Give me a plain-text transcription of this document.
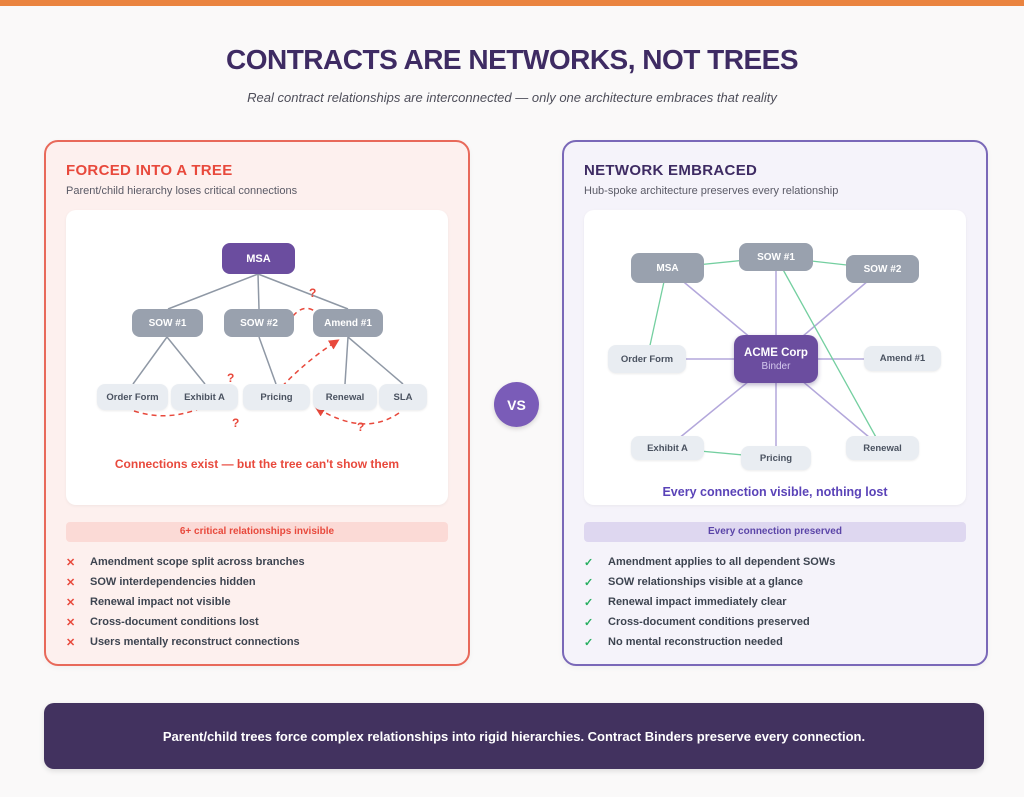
CONTRACTS ARE NETWORKS, NOT TREES
Real contract relationships are interconnected — only one architecture embraces that reality
FORCED INTO A TREE
Parent/child hierarchy loses critical connections
MSA
SOW #1	SOW #2	Amend #1
Order Form	Exhibit A	Pricing	Renewal	SLA
?
?
?	?
Connections exist — but the tree can't show them
6+ critical relationships invisible
✕ Amendment scope split across branches
✕ SOW interdependencies hidden
✕ Renewal impact not visible
✕ Cross-document conditions lost
✕ Users mentally reconstruct connections
VS
NETWORK EMBRACED
Hub-spoke architecture preserves every relationship
MSA
SOW #1
SOW #2
Order Form
ACME Corp
Binder
Amend #1
Exhibit A
Pricing
Renewal
Every connection visible, nothing lost
Every connection preserved
✓ Amendment applies to all dependent SOWs
✓ SOW relationships visible at a glance
✓ Renewal impact immediately clear
✓ Cross-document conditions preserved
✓ No mental reconstruction needed
Parent/child trees force complex relationships into rigid hierarchies. Contract Binders preserve every connection.
